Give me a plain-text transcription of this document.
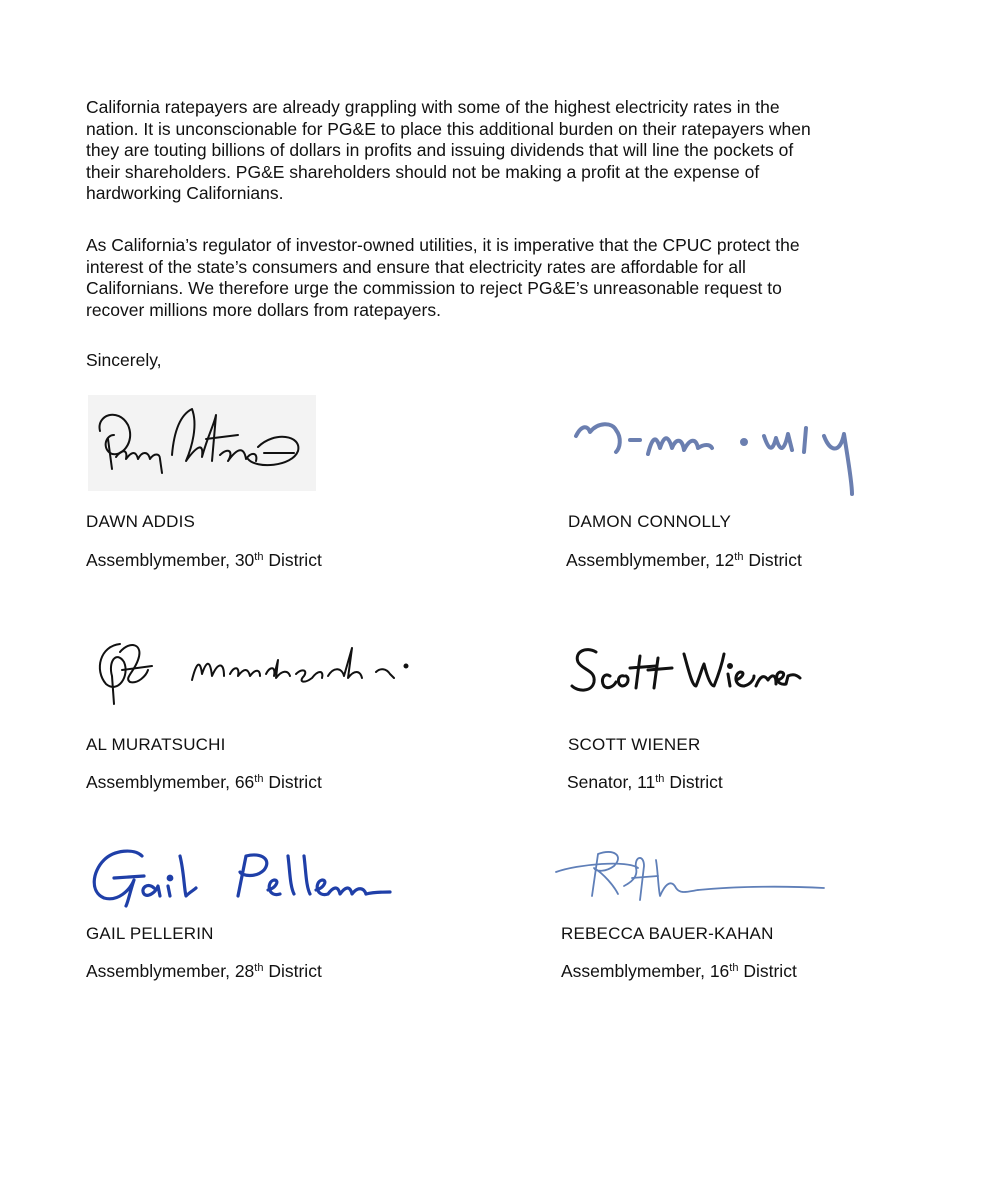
California ratepayers are already grappling with some of the highest electricity rates in the
nation. It is unconscionable for PG&E to place this additional burden on their ratepayers when
they are touting billions of dollars in profits and issuing dividends that will line the pockets of
their shareholders. PG&E shareholders should not be making a profit at the expense of
hardworking Californians.

As California’s regulator of investor-owned utilities, it is imperative that the CPUC protect the
interest of the state’s consumers and ensure that electricity rates are affordable for all
Californians. We therefore urge the commission to reject PG&E’s unreasonable request to
recover millions more dollars from ratepayers.

Sincerely,
DAWN ADDIS
Assemblymember, 30th District
DAMON CONNOLLY
Assemblymember, 12th District
AL MURATSUCHI
Assemblymember, 66th District
SCOTT WIENER
Senator, 11th District
GAIL PELLERIN
Assemblymember, 28th District
REBECCA BAUER-KAHAN
Assemblymember, 16th District
